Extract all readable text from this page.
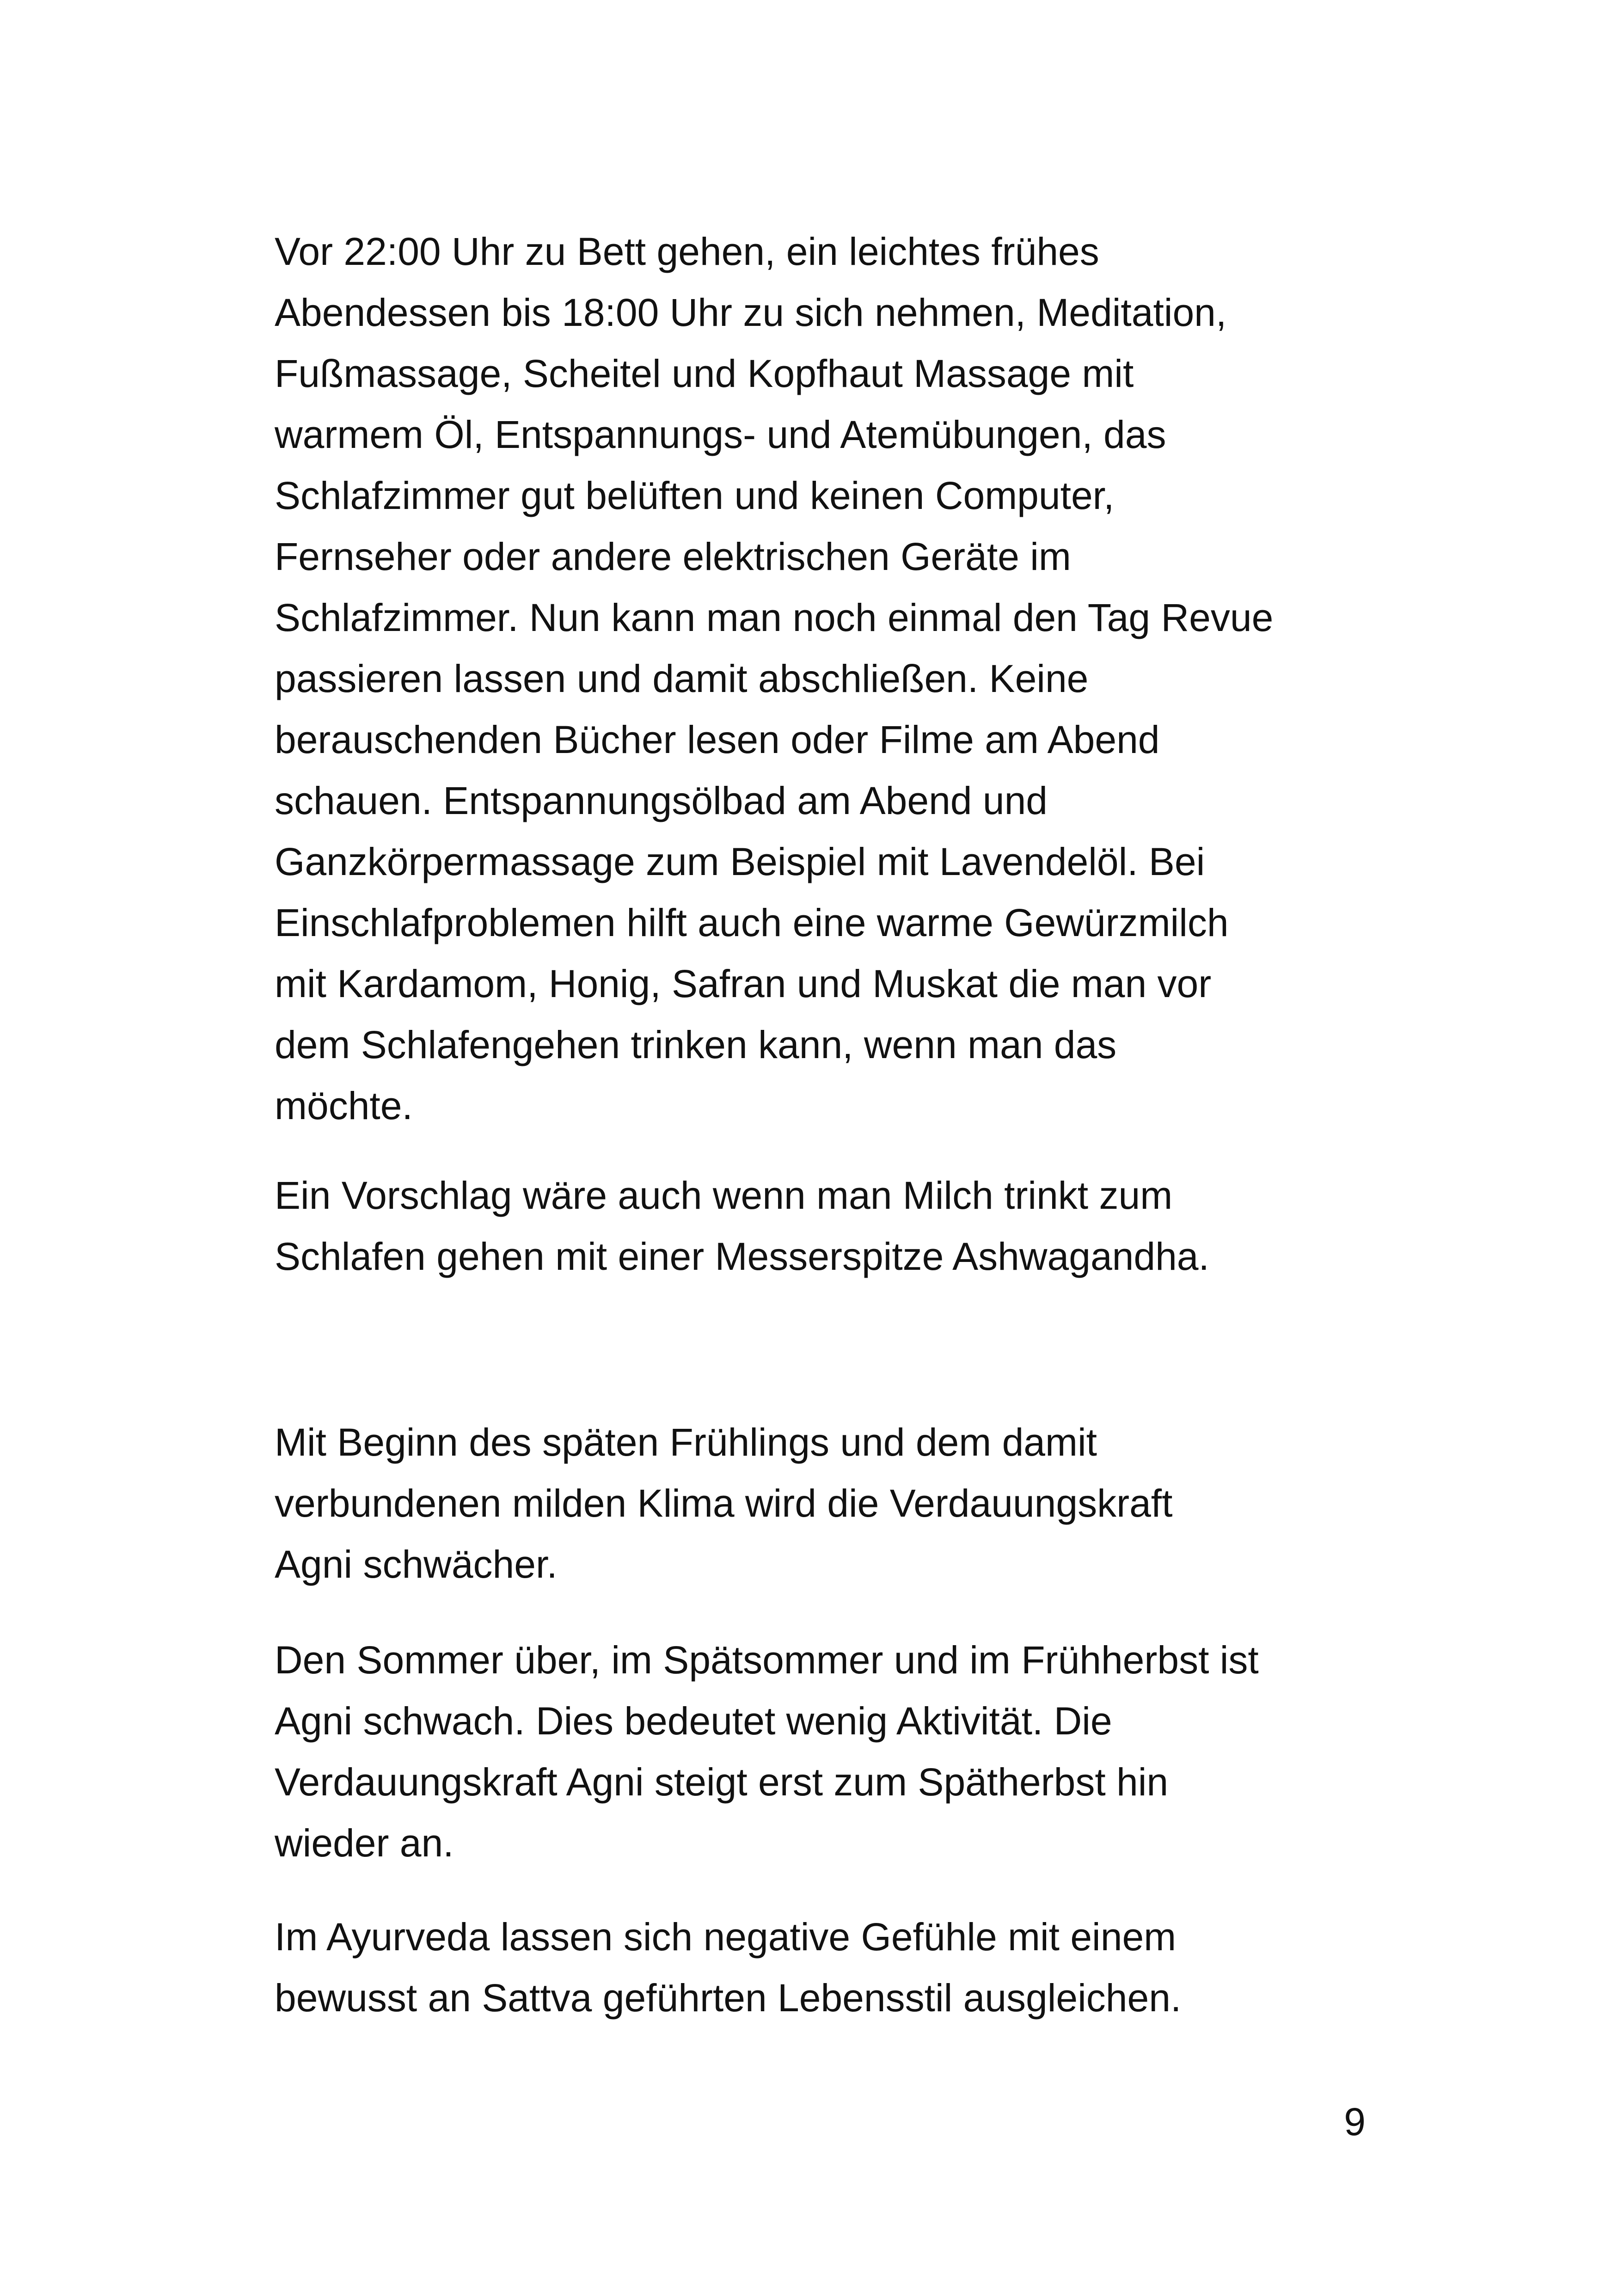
Vor 22:00 Uhr zu Bett gehen, ein leichtes frühes

Abendessen bis 18:00 Uhr zu sich nehmen, Meditation,

Fußmassage, Scheitel und Kopfhaut Massage mit

warmem Öl, Entspannungs- und Atemübungen, das

Schlafzimmer gut belüften und keinen Computer,

Fernseher oder andere elektrischen Geräte im

Schlafzimmer. Nun kann man noch einmal den Tag Revue

passieren lassen und damit abschließen. Keine

berauschenden Bücher lesen oder Filme am Abend

schauen. Entspannungsölbad am Abend und

Ganzkörpermassage zum Beispiel mit Lavendelöl. Bei

Einschlafproblemen hilft auch eine warme Gewürzmilch

mit Kardamom, Honig, Safran und Muskat die man vor

dem Schlafengehen trinken kann, wenn man das

möchte.

Ein Vorschlag wäre auch wenn man Milch trinkt zum

Schlafen gehen mit einer Messerspitze Ashwagandha.

Mit Beginn des späten Frühlings und dem damit

verbundenen milden Klima wird die Verdauungskraft

Agni schwächer.

Den Sommer über, im Spätsommer und im Frühherbst ist

Agni schwach. Dies bedeutet wenig Aktivität. Die

Verdauungskraft Agni steigt erst zum Spätherbst hin

wieder an.

Im Ayurveda lassen sich negative Gefühle mit einem

bewusst an Sattva geführten Lebensstil ausgleichen.

9
